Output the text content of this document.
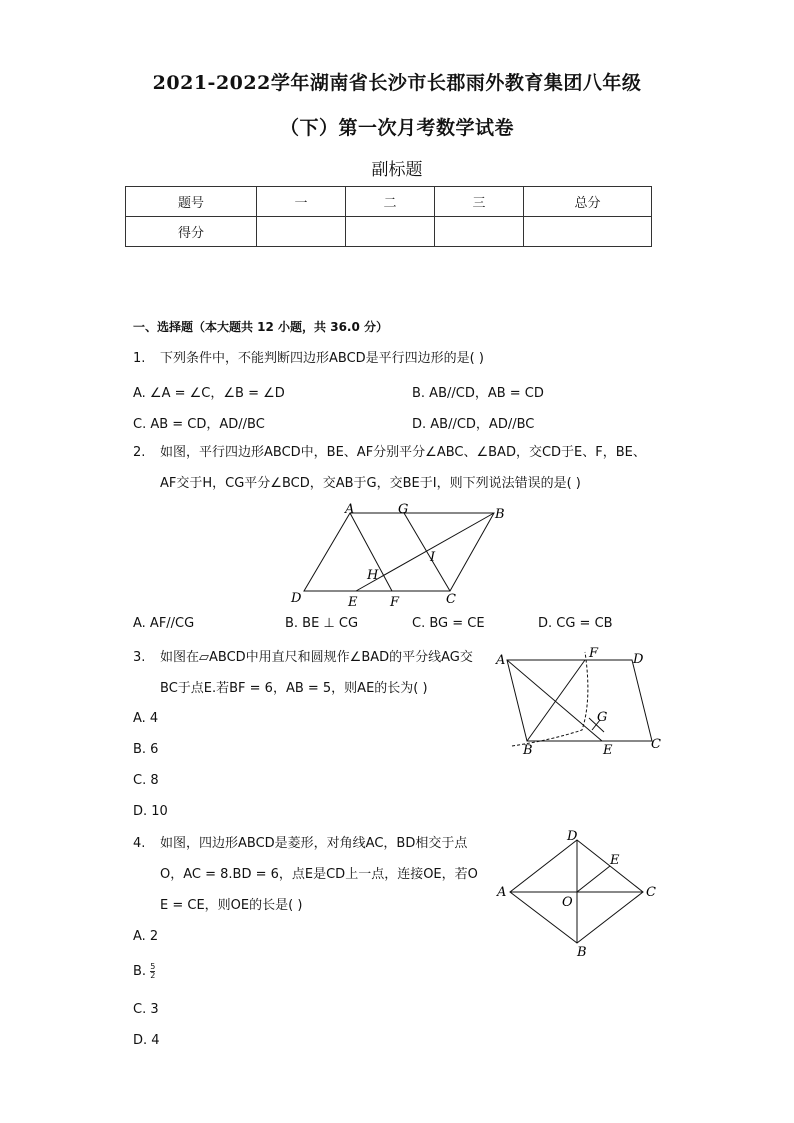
2021-2022学年湖南省长沙市长郡雨外教育集团八年级
（下）第一次月考数学试卷
副标题
题号	一	二	三	总分
得分				
一、选择题（本大题共 12 小题，共 36.0 分）
1. 下列条件中，不能判断四边形ABCD是平行四边形的是( )
A. ∠A = ∠C，∠B = ∠D	B. AB//CD，AB = CD
C. AB = CD，AD//BC	D. AB//CD，AD//BC
2. 如图，平行四边形ABCD中，BE、AF分别平分∠ABC、∠BAD，交CD于E、F，BE、
AF交于H，CG平分∠BCD，交AB于G，交BE于I，则下列说法错误的是( )
A	G	B
I
H
D	E	F	C
A. AF//CG	B. BE ⊥ CG	C. BG = CE	D. CG = CB
3. 如图在▱ABCD中用直尺和圆规作∠BAD的平分线AG交
BC于点E.若BF = 6，AB = 5，则AE的长为( )
A. 4
B. 6
C. 8
D. 10
A	F	D
G
B	E	C
4. 如图，四边形ABCD是菱形，对角线AC，BD相交于点
O，AC = 8.BD = 6，点E是CD上一点，连接OE，若O
E = CE，则OE的长是( )
A. 2
B. $\frac{5}{2}$
C. 3
D. 4
D
E
A
O
C
B
